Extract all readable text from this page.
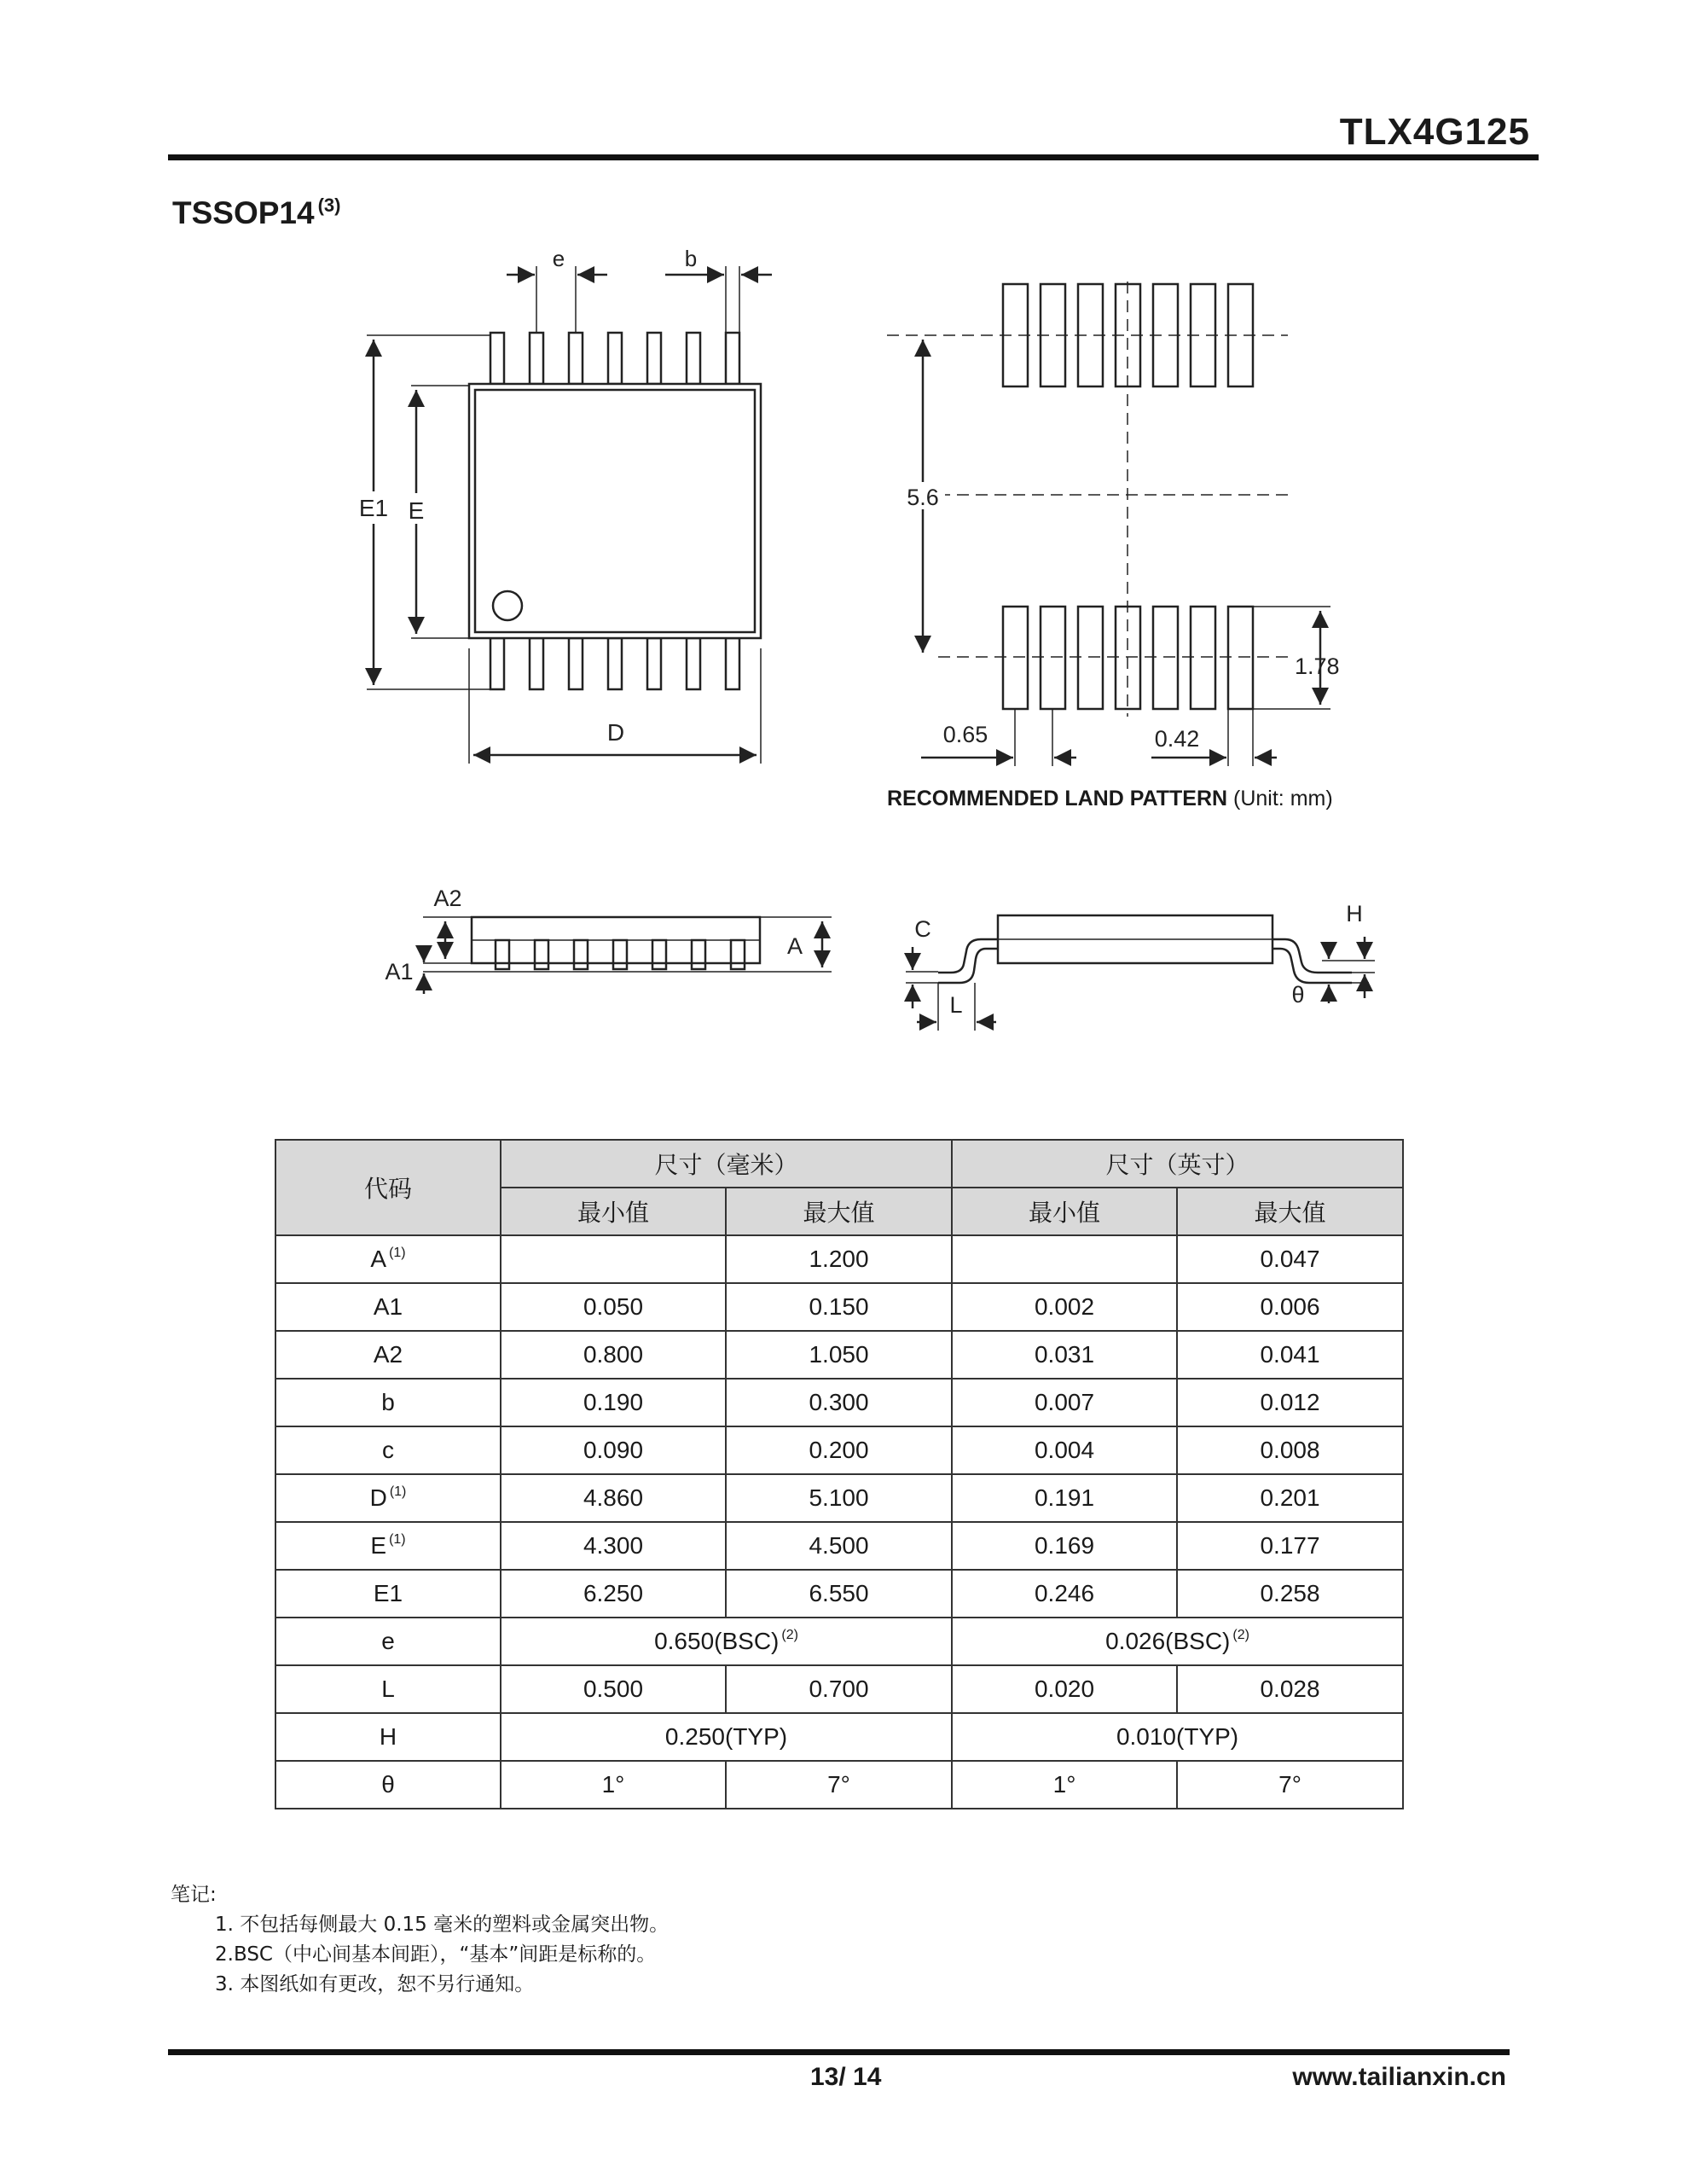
TLX4G125
TSSOP14 $^{(3)}$
e	b
E1 E
D
5.6
1.78
0.65	0.42
A2
A1
A
C
L
H
θ
RECOMMENDED LAND PATTERN (Unit: mm)
代码	尺寸（毫米）		尺寸（英寸）	
	最小值	最大值	最小值	最大值
A $^{(1)}$		1.200		0.047
A1	0.050	0.150	0.002	0.006
A2	0.800	1.050	0.031	0.041
b	0.190	0.300	0.007	0.012
c	0.090	0.200	0.004	0.008
D $^{(1)}$	4.860	5.100	0.191	0.201
E $^{(1)}$	4.300	4.500	0.169	0.177
E1	6.250	6.550	0.246	0.258
e	0.650(BSC) $^{(2)}$		0.026(BSC) $^{(2)}$
L	0.500	0.700	0.020	0.028
H	0.250(TYP)		0.010(TYP)	
θ	1°	7°	1°	7°
笔记:
1. 不包括每侧最大 0.15 毫米的塑料或金属突出物。
2.BSC（中心间基本间距），“基本”间距是标称的。
3. 本图纸如有更改，恕不另行通知。
13/ 14	www.tailianxin.cn
